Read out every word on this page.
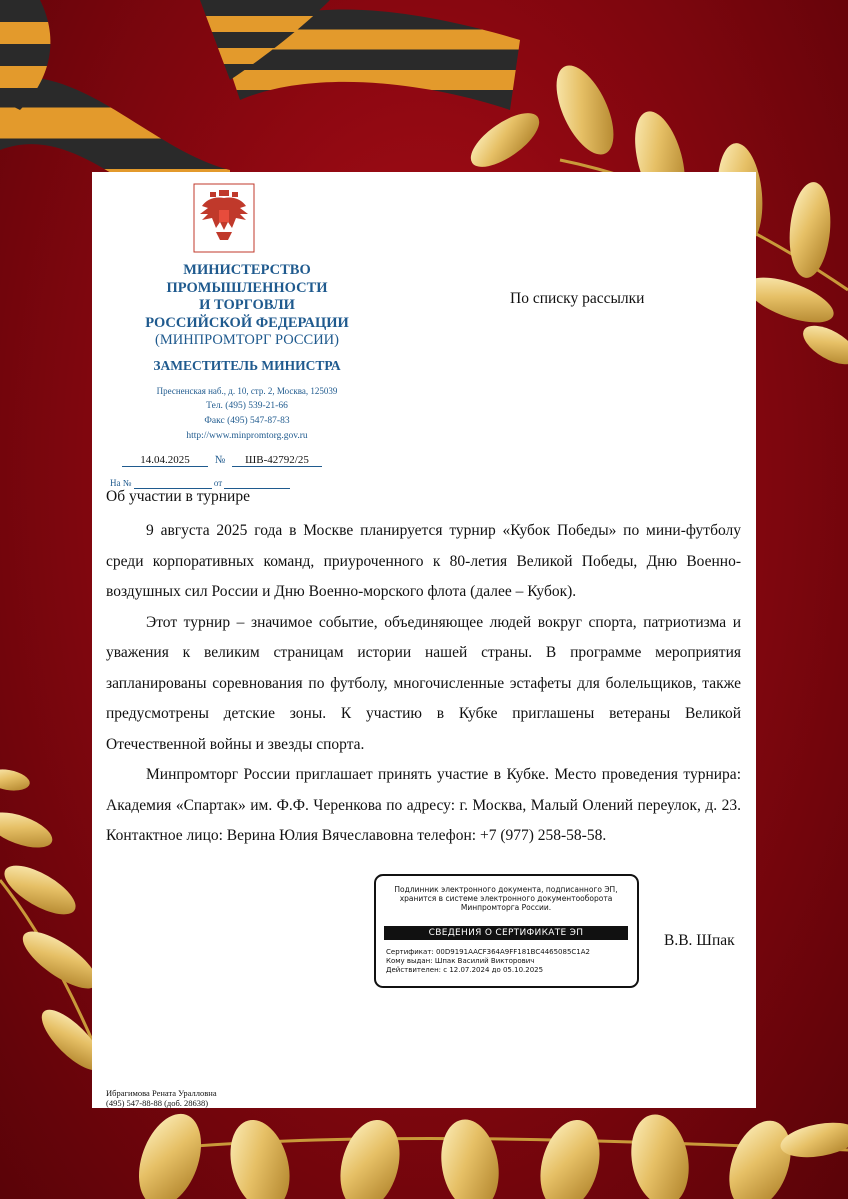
МИНИСТЕРСТВО
ПРОМЫШЛЕННОСТИ
И ТОРГОВЛИ
РОССИЙСКОЙ ФЕДЕРАЦИИ
(МИНПРОМТОРГ РОССИИ)
ЗАМЕСТИТЕЛЬ МИНИСТРА
Пресненская наб., д. 10, стр. 2, Москва, 125039
Тел. (495) 539-21-66
Факс (495) 547-87-83
http://www.minpromtorg.gov.ru
14.04.2025 № ШВ-42792/25
На №	от
По списку рассылки
Об участии в турнире

9 августа 2025 года в Москве планируется турнир «Кубок Победы» по мини-футболу среди корпоративных команд, приуроченного к 80-летия Великой Победы, Дню Военно-воздушных сил России и Дню Военно-морского флота (далее – Кубок).

Этот турнир – значимое событие, объединяющее людей вокруг спорта, патриотизма и уважения к великим страницам истории нашей страны. В программе мероприятия запланированы соревнования по футболу, многочисленные эстафеты для болельщиков, также предусмотрены детские зоны. К участию в Кубке приглашены ветераны Великой Отечественной войны и звезды спорта.

Минпромторг России приглашает принять участие в Кубке. Место проведения турнира: Академия «Спартак» им. Ф.Ф. Черенкова по адресу: г. Москва, Малый Олений переулок, д. 23. Контактное лицо: Верина Юлия Вячеславовна телефон: +7 (977) 258-58-58.

Подлинник электронного документа, подписанного ЭП, хранится в системе электронного документооборота Минпромторга России.
СВЕДЕНИЯ О СЕРТИФИКАТЕ ЭП
Сертификат: 00D9191AACF364A9FF181BC4465085C1A2
Кому выдан: Шпак Василий Викторович
Действителен: с 12.07.2024 до 05.10.2025
В.В. Шпак
Ибрагимова Рената Уралловна
(495) 547-88-88 (доб. 28638)
